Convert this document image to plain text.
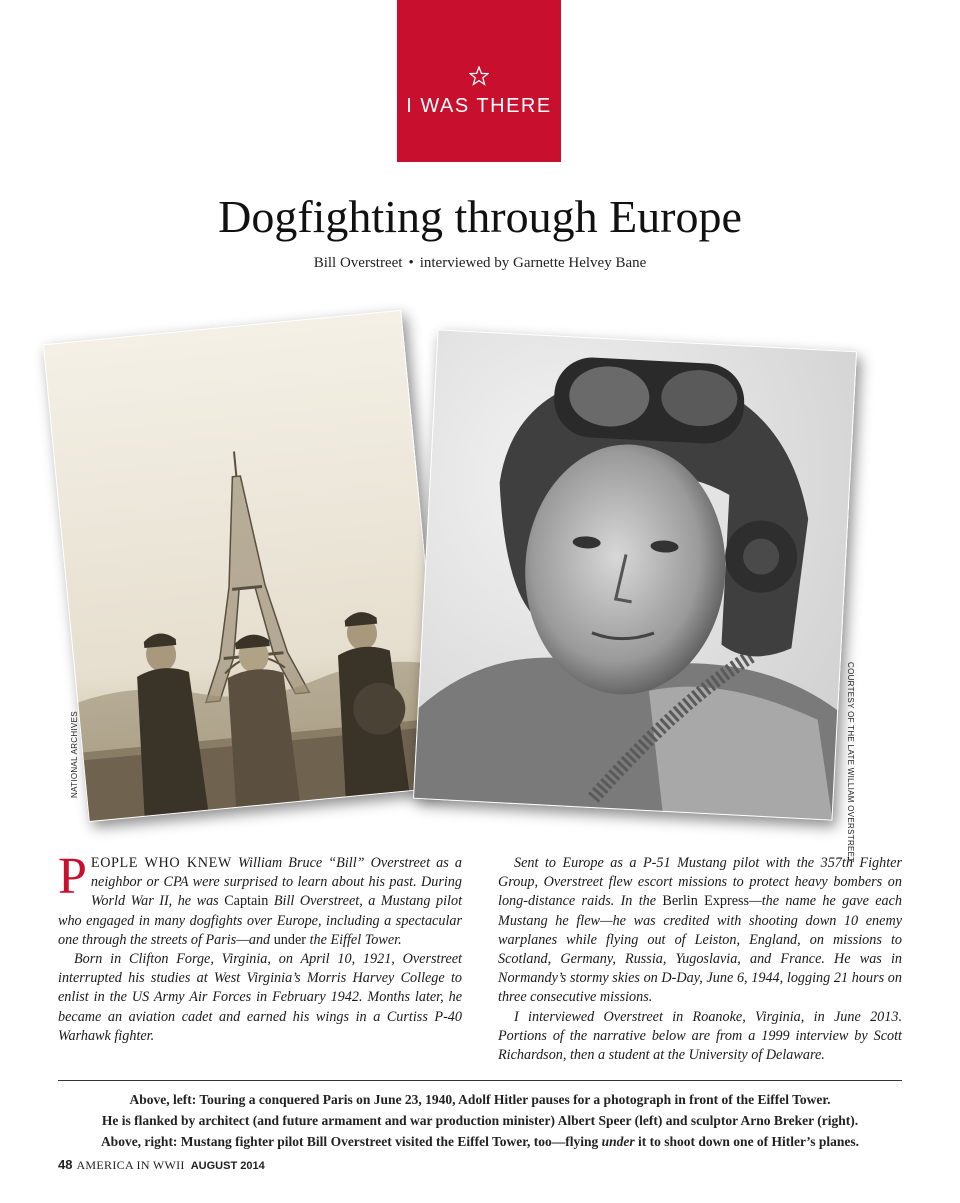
I WAS THERE
Dogfighting through Europe
Bill Overstreet • interviewed by Garnette Helvey Bane
NATIONAL ARCHIVES	COURTESY OF THE LATE WILLIAM OVERSTREET

PEOPLE WHO KNEW William Bruce “Bill” Overstreet as a neighbor or CPA were surprised to learn about his past. During World War II, he was Captain Bill Overstreet, a Mustang pilot who engaged in many dogfights over Europe, including a spectacular one through the streets of Paris—and under the Eiffel Tower.

Born in Clifton Forge, Virginia, on April 10, 1921, Overstreet interrupted his studies at West Virginia’s Morris Harvey College to enlist in the US Army Air Forces in February 1942. Months later, he became an aviation cadet and earned his wings in a Curtiss P-40 Warhawk fighter.

Sent to Europe as a P-51 Mustang pilot with the 357th Fighter Group, Overstreet flew escort missions to protect heavy bombers on long-distance raids. In the Berlin Express—the name he gave each Mustang he flew—he was credited with shooting down 10 enemy warplanes while flying out of Leiston, England, on missions to Scotland, Germany, Russia, Yugoslavia, and France. He was in Normandy’s stormy skies on D-Day, June 6, 1944, logging 21 hours on three consecutive missions.

I interviewed Overstreet in Roanoke, Virginia, in June 2013. Portions of the narrative below are from a 1999 interview by Scott Richardson, then a student at the University of Delaware.

Above, left: Touring a conquered Paris on June 23, 1940, Adolf Hitler pauses for a photograph in front of the Eiffel Tower.
He is flanked by architect (and future armament and war production minister) Albert Speer (left) and sculptor Arno Breker (right).
Above, right: Mustang fighter pilot Bill Overstreet visited the Eiffel Tower, too—flying under it to shoot down one of Hitler’s planes.
48 AMERICA IN WWII AUGUST 2014
